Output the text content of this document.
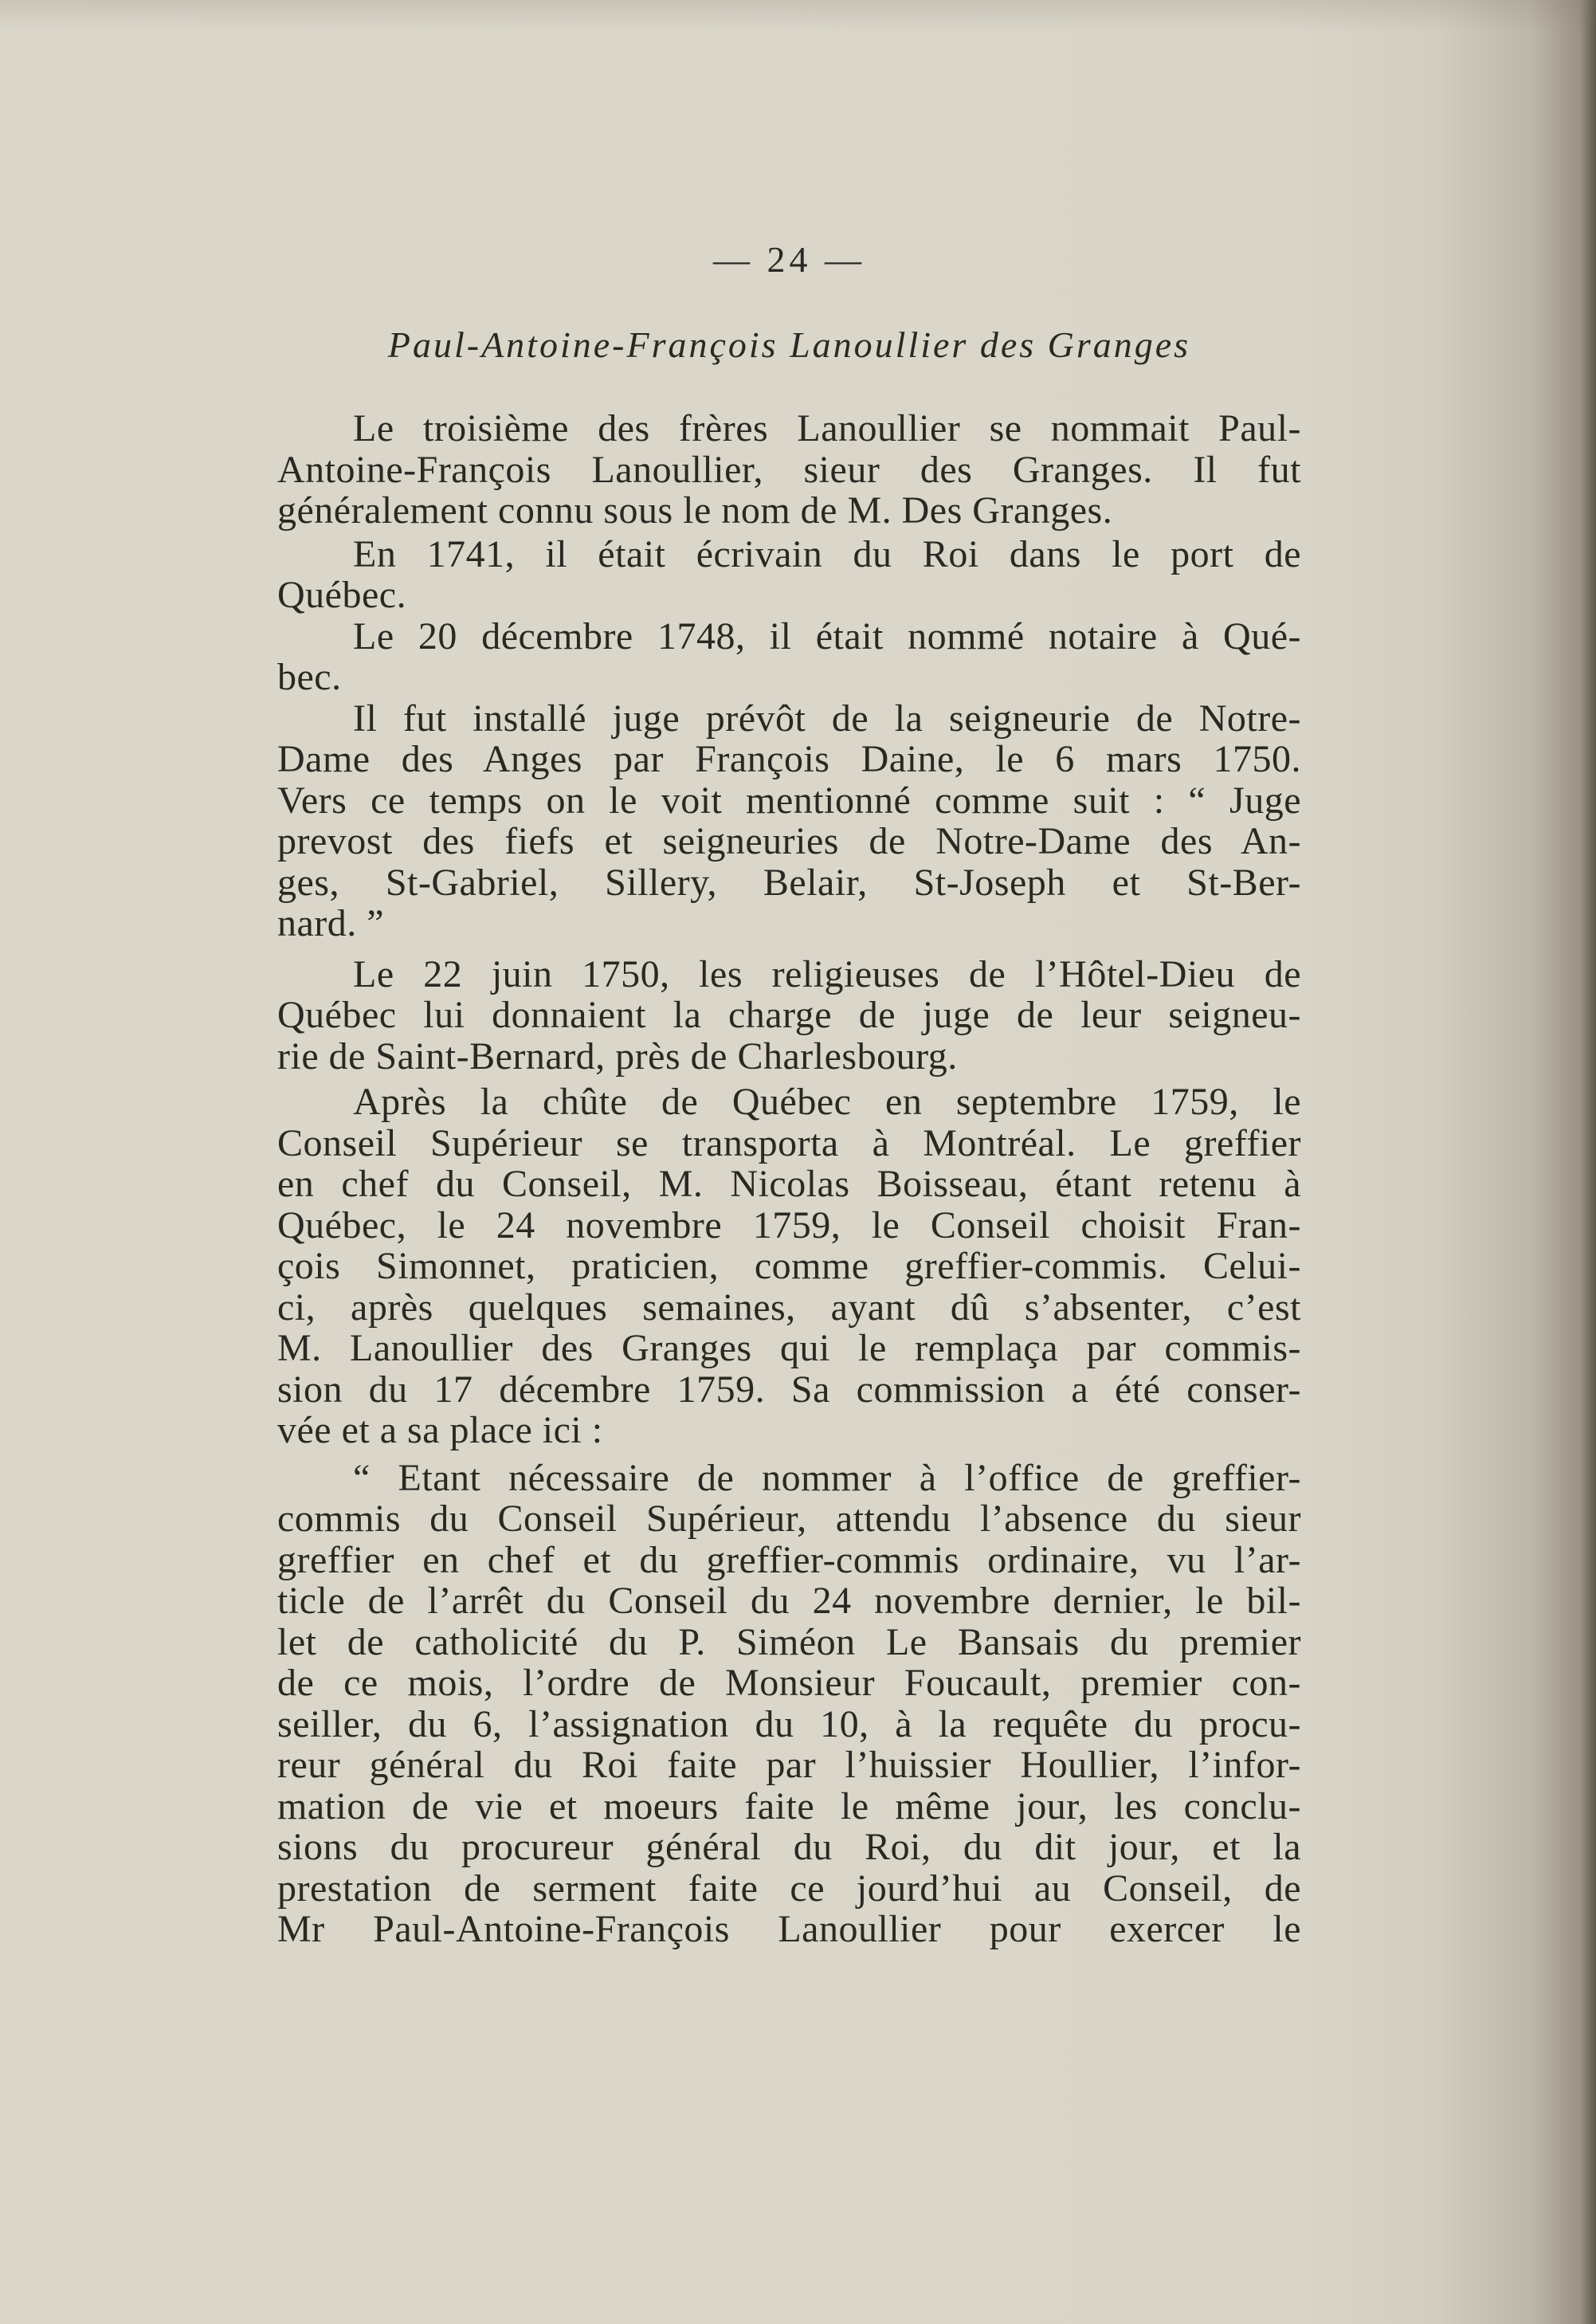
— 24 —
Paul-Antoine-François Lanoullier des Granges
Le troisième des frères Lanoullier se nommait Paul-
Antoine-François Lanoullier, sieur des Granges. Il fut
généralement connu sous le nom de M. Des Granges.
En 1741, il était écrivain du Roi dans le port de
Québec.
Le 20 décembre 1748, il était nommé notaire à Qué-
bec.
Il fut installé juge prévôt de la seigneurie de Notre-
Dame des Anges par François Daine, le 6 mars 1750.
Vers ce temps on le voit mentionné comme suit : “ Juge
prevost des fiefs et seigneuries de Notre-Dame des An-
ges, St-Gabriel, Sillery, Belair, St-Joseph et St-Ber-
nard. ”
Le 22 juin 1750, les religieuses de l’Hôtel-Dieu de
Québec lui donnaient la charge de juge de leur seigneu-
rie de Saint-Bernard, près de Charlesbourg.
Après la chûte de Québec en septembre 1759, le
Conseil Supérieur se transporta à Montréal. Le greffier
en chef du Conseil, M. Nicolas Boisseau, étant retenu à
Québec, le 24 novembre 1759, le Conseil choisit Fran-
çois Simonnet, praticien, comme greffier-commis. Celui-
ci, après quelques semaines, ayant dû s’absenter, c’est
M. Lanoullier des Granges qui le remplaça par commis-
sion du 17 décembre 1759. Sa commission a été conser-
vée et a sa place ici :
“ Etant nécessaire de nommer à l’office de greffier-
commis du Conseil Supérieur, attendu l’absence du sieur
greffier en chef et du greffier-commis ordinaire, vu l’ar-
ticle de l’arrêt du Conseil du 24 novembre dernier, le bil-
let de catholicité du P. Siméon Le Bansais du premier
de ce mois, l’ordre de Monsieur Foucault, premier con-
seiller, du 6, l’assignation du 10, à la requête du procu-
reur général du Roi faite par l’huissier Houllier, l’infor-
mation de vie et moeurs faite le même jour, les conclu-
sions du procureur général du Roi, du dit jour, et la
prestation de serment faite ce jourd’hui au Conseil, de
Mr Paul-Antoine-François Lanoullier pour exercer le
